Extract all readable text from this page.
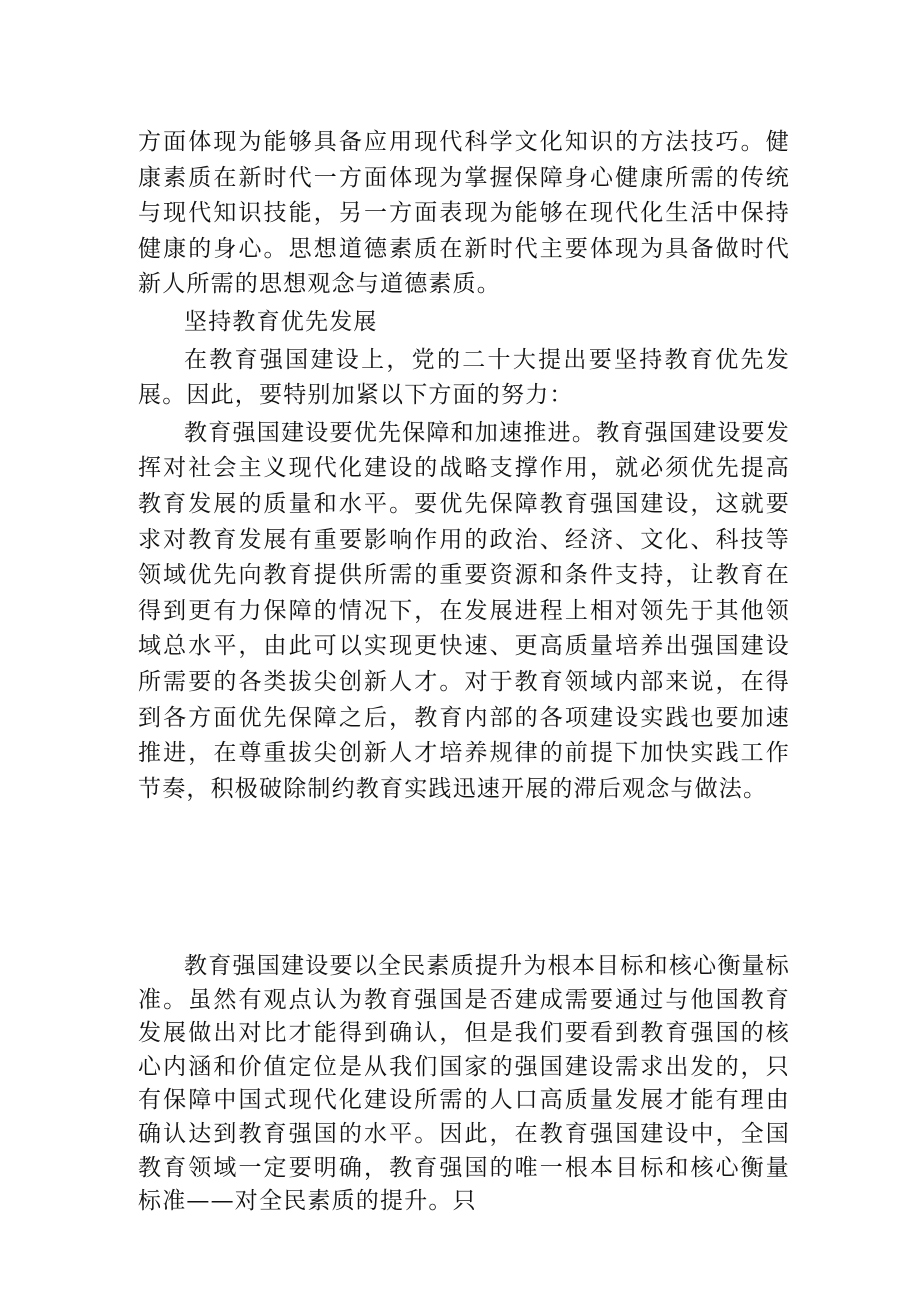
方面体现为能够具备应用现代科学文化知识的方法技巧。健康素质在新时代一方面体现为掌握保障身心健康所需的传统与现代知识技能，另一方面表现为能够在现代化生活中保持健康的身心。思想道德素质在新时代主要体现为具备做时代新人所需的思想观念与道德素质。

坚持教育优先发展

在教育强国建设上，党的二十大提出要坚持教育优先发展。因此，要特别加紧以下方面的努力：

教育强国建设要优先保障和加速推进。教育强国建设要发挥对社会主义现代化建设的战略支撑作用，就必须优先提高教育发展的质量和水平。要优先保障教育强国建设，这就要求对教育发展有重要影响作用的政治、经济、文化、科技等领域优先向教育提供所需的重要资源和条件支持，让教育在得到更有力保障的情况下，在发展进程上相对领先于其他领域总水平，由此可以实现更快速、更高质量培养出强国建设所需要的各类拔尖创新人才。对于教育领域内部来说，在得到各方面优先保障之后，教育内部的各项建设实践也要加速推进，在尊重拔尖创新人才培养规律的前提下加快实践工作节奏，积极破除制约教育实践迅速开展的滞后观念与做法。

教育强国建设要以全民素质提升为根本目标和核心衡量标准。虽然有观点认为教育强国是否建成需要通过与他国教育发展做出对比才能得到确认，但是我们要看到教育强国的核心内涵和价值定位是从我们国家的强国建设需求出发的，只有保障中国式现代化建设所需的人口高质量发展才能有理由确认达到教育强国的水平。因此，在教育强国建设中，全国教育领域一定要明确，教育强国的唯一根本目标和核心衡量标准——对全民素质的提升。只
